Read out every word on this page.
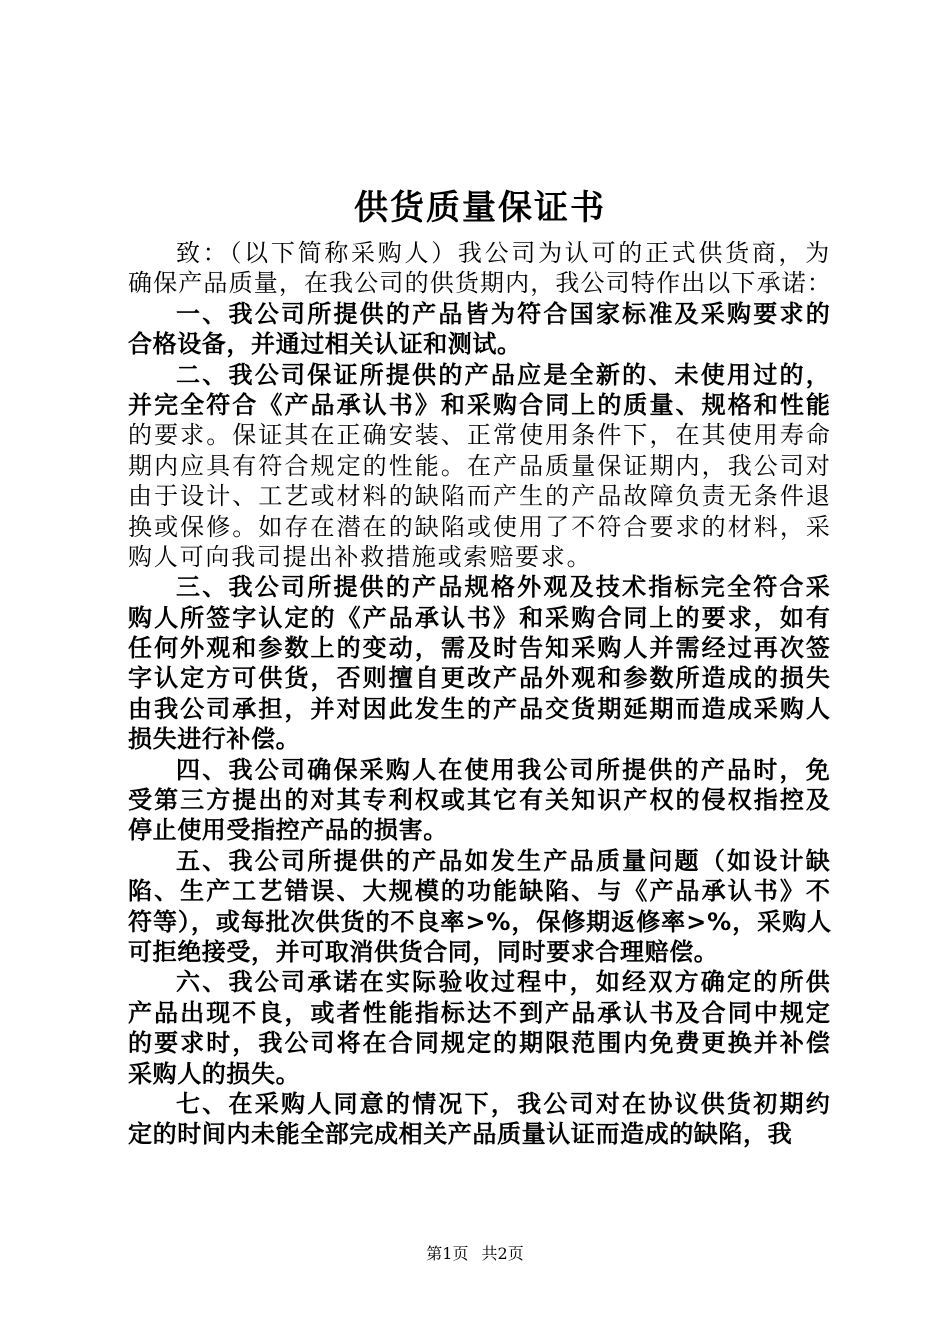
供货质量保证书
致：（以下简称采购人）我公司为认可的正式供货商，为
确保产品质量，在我公司的供货期内，我公司特作出以下承诺：
一、我公司所提供的产品皆为符合国家标准及采购要求的
合格设备，并通过相关认证和测试。
二、我公司保证所提供的产品应是全新的、未使用过的，
并完全符合《产品承认书》和采购合同上的质量、规格和性能
的要求。保证其在正确安装、正常使用条件下，在其使用寿命
期内应具有符合规定的性能。在产品质量保证期内，我公司对
由于设计、工艺或材料的缺陷而产生的产品故障负责无条件退
换或保修。如存在潜在的缺陷或使用了不符合要求的材料，采
购人可向我司提出补救措施或索赔要求。
三、我公司所提供的产品规格外观及技术指标完全符合采
购人所签字认定的《产品承认书》和采购合同上的要求，如有
任何外观和参数上的变动，需及时告知采购人并需经过再次签
字认定方可供货，否则擅自更改产品外观和参数所造成的损失
由我公司承担，并对因此发生的产品交货期延期而造成采购人
损失进行补偿。
四、我公司确保采购人在使用我公司所提供的产品时，免
受第三方提出的对其专利权或其它有关知识产权的侵权指控及
停止使用受指控产品的损害。
五、我公司所提供的产品如发生产品质量问题（如设计缺
陷、生产工艺错误、大规模的功能缺陷、与《产品承认书》不
符等），或每批次供货的不良率>%，保修期返修率>%，采购人
可拒绝接受，并可取消供货合同，同时要求合理赔偿。
六、我公司承诺在实际验收过程中，如经双方确定的所供
产品出现不良，或者性能指标达不到产品承认书及合同中规定
的要求时，我公司将在合同规定的期限范围内免费更换并补偿
采购人的损失。
七、在采购人同意的情况下，我公司对在协议供货初期约
定的时间内未能全部完成相关产品质量认证而造成的缺陷，我
第1页 共2页
